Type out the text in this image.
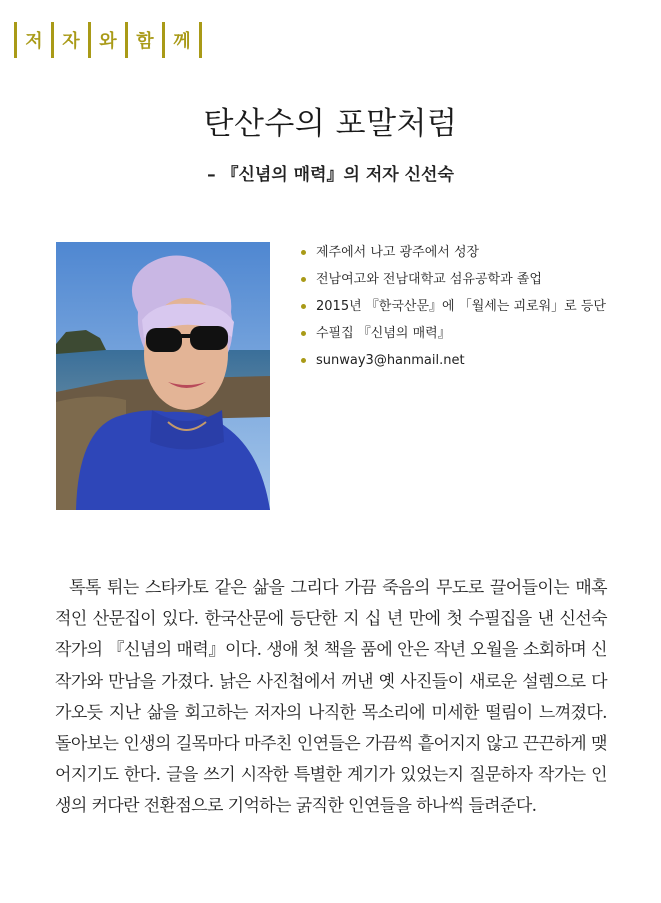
저	자	와	함	께
탄산수의 포말처럼
– 『신념의 매력』의 저자 신선숙
제주에서 나고 광주에서 성장
전남여고와 전남대학교 섬유공학과 졸업
2015년 『한국산문』에 「월세는 괴로워」로 등단
수필집 『신념의 매력』
sunway3@hanmail.net

톡톡 튀는 스타카토 같은 삶을 그리다 가끔 죽음의 무도로 끌어들이는 매혹적인 산문집이 있다. 한국산문에 등단한 지 십 년 만에 첫 수필집을 낸 신선숙 작가의 『신념의 매력』이다. 생애 첫 책을 품에 안은 작년 오월을 소회하며 신 작가와 만남을 가졌다. 낡은 사진첩에서 꺼낸 옛 사진들이 새로운 설렘으로 다가오듯 지난 삶을 회고하는 저자의 나직한 목소리에 미세한 떨림이 느껴졌다. 돌아보는 인생의 길목마다 마주친 인연들은 가끔씩 흩어지지 않고 끈끈하게 맺어지기도 한다. 글을 쓰기 시작한 특별한 계기가 있었는지 질문하자 작가는 인생의 커다란 전환점으로 기억하는 굵직한 인연들을 하나씩 들려준다.
